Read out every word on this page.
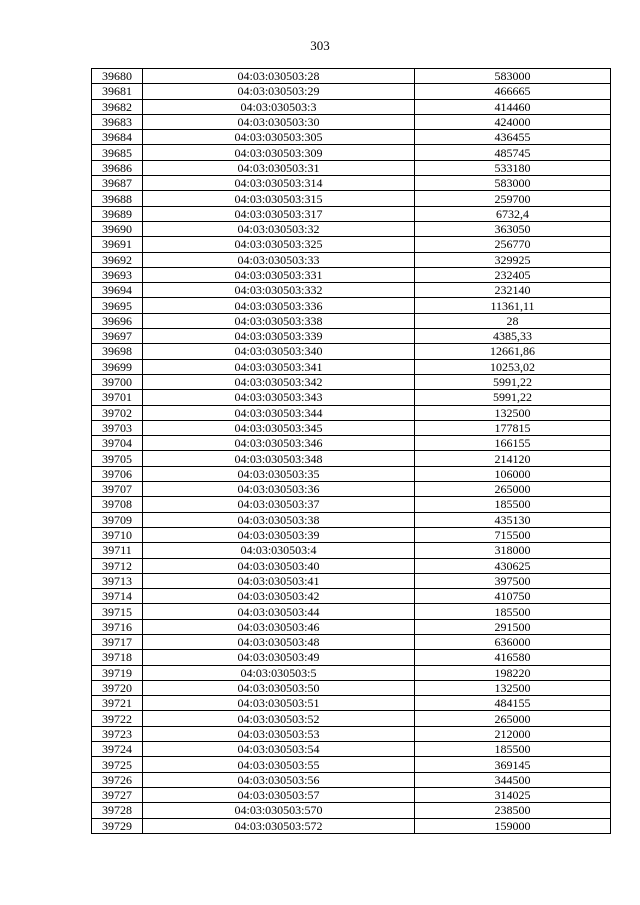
303
39680	04:03:030503:28	583000
39681	04:03:030503:29	466665
39682	04:03:030503:3	414460
39683	04:03:030503:30	424000
39684	04:03:030503:305	436455
39685	04:03:030503:309	485745
39686	04:03:030503:31	533180
39687	04:03:030503:314	583000
39688	04:03:030503:315	259700
39689	04:03:030503:317	6732,4
39690	04:03:030503:32	363050
39691	04:03:030503:325	256770
39692	04:03:030503:33	329925
39693	04:03:030503:331	232405
39694	04:03:030503:332	232140
39695	04:03:030503:336	11361,11
39696	04:03:030503:338	28
39697	04:03:030503:339	4385,33
39698	04:03:030503:340	12661,86
39699	04:03:030503:341	10253,02
39700	04:03:030503:342	5991,22
39701	04:03:030503:343	5991,22
39702	04:03:030503:344	132500
39703	04:03:030503:345	177815
39704	04:03:030503:346	166155
39705	04:03:030503:348	214120
39706	04:03:030503:35	106000
39707	04:03:030503:36	265000
39708	04:03:030503:37	185500
39709	04:03:030503:38	435130
39710	04:03:030503:39	715500
39711	04:03:030503:4	318000
39712	04:03:030503:40	430625
39713	04:03:030503:41	397500
39714	04:03:030503:42	410750
39715	04:03:030503:44	185500
39716	04:03:030503:46	291500
39717	04:03:030503:48	636000
39718	04:03:030503:49	416580
39719	04:03:030503:5	198220
39720	04:03:030503:50	132500
39721	04:03:030503:51	484155
39722	04:03:030503:52	265000
39723	04:03:030503:53	212000
39724	04:03:030503:54	185500
39725	04:03:030503:55	369145
39726	04:03:030503:56	344500
39727	04:03:030503:57	314025
39728	04:03:030503:570	238500
39729	04:03:030503:572	159000
